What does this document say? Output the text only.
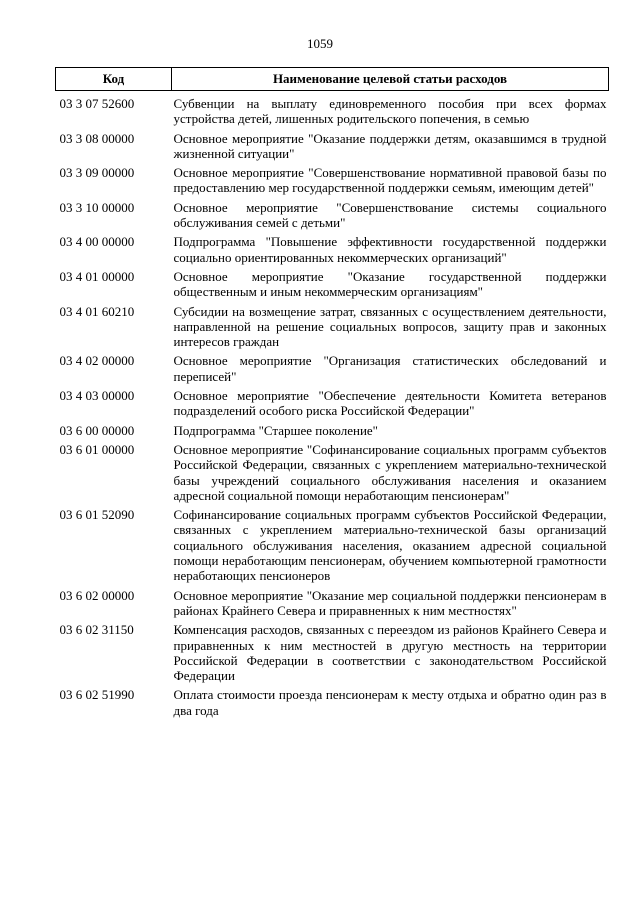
1059
Код	Наименование целевой статьи расходов
03 3 07 52600	Субвенции на выплату единовременного пособия при всех формах устройства детей, лишенных родительского попечения, в семью
03 3 08 00000	Основное мероприятие "Оказание поддержки детям, оказавшимся в трудной жизненной ситуации"
03 3 09 00000	Основное мероприятие "Совершенствование нормативной правовой базы по предоставлению мер государственной поддержки семьям, имеющим детей"
03 3 10 00000	Основное мероприятие "Совершенствование системы социального обслуживания семей с детьми"
03 4 00 00000	Подпрограмма "Повышение эффективности государственной поддержки социально ориентированных некоммерческих организаций"
03 4 01 00000	Основное мероприятие "Оказание государственной поддержки общественным и иным некоммерческим организациям"
03 4 01 60210	Субсидии на возмещение затрат, связанных с осуществлением деятельности, направленной на решение социальных вопросов, защиту прав и законных интересов граждан
03 4 02 00000	Основное мероприятие "Организация статистических обследований и переписей"
03 4 03 00000	Основное мероприятие "Обеспечение деятельности Комитета ветеранов подразделений особого риска Российской Федерации"
03 6 00 00000	Подпрограмма "Старшее поколение"
03 6 01 00000	Основное мероприятие "Софинансирование социальных программ субъектов Российской Федерации, связанных с укреплением материально-технической базы учреждений социального обслуживания населения и оказанием адресной социальной помощи неработающим пенсионерам"
03 6 01 52090	Софинансирование социальных программ субъектов Российской Федерации, связанных с укреплением материально-технической базы организаций социального обслуживания населения, оказанием адресной социальной помощи неработающим пенсионерам, обучением компьютерной грамотности неработающих пенсионеров
03 6 02 00000	Основное мероприятие "Оказание мер социальной поддержки пенсионерам в районах Крайнего Севера и приравненных к ним местностях"
03 6 02 31150	Компенсация расходов, связанных с переездом из районов Крайнего Севера и приравненных к ним местностей в другую местность на территории Российской Федерации в соответствии с законодательством Российской Федерации
03 6 02 51990	Оплата стоимости проезда пенсионерам к месту отдыха и обратно один раз в два года
